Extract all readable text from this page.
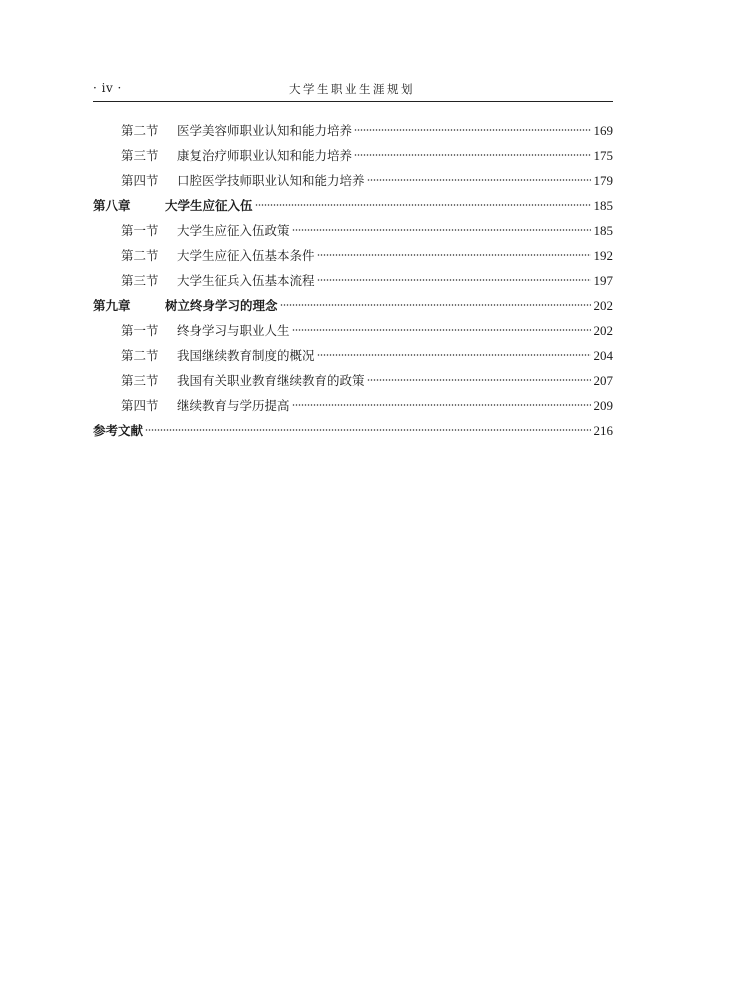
· iv ·	大学生职业生涯规划
第二节	医学美容师职业认知和能力培养	169
第三节	康复治疗师职业认知和能力培养	175
第四节	口腔医学技师职业认知和能力培养	179
第八章	大学生应征入伍	185
第一节	大学生应征入伍政策	185
第二节	大学生应征入伍基本条件	192
第三节	大学生征兵入伍基本流程	197
第九章	树立终身学习的理念	202
第一节	终身学习与职业人生	202
第二节	我国继续教育制度的概况	204
第三节	我国有关职业教育继续教育的政策	207
第四节	继续教育与学历提高	209
参考文献	216
